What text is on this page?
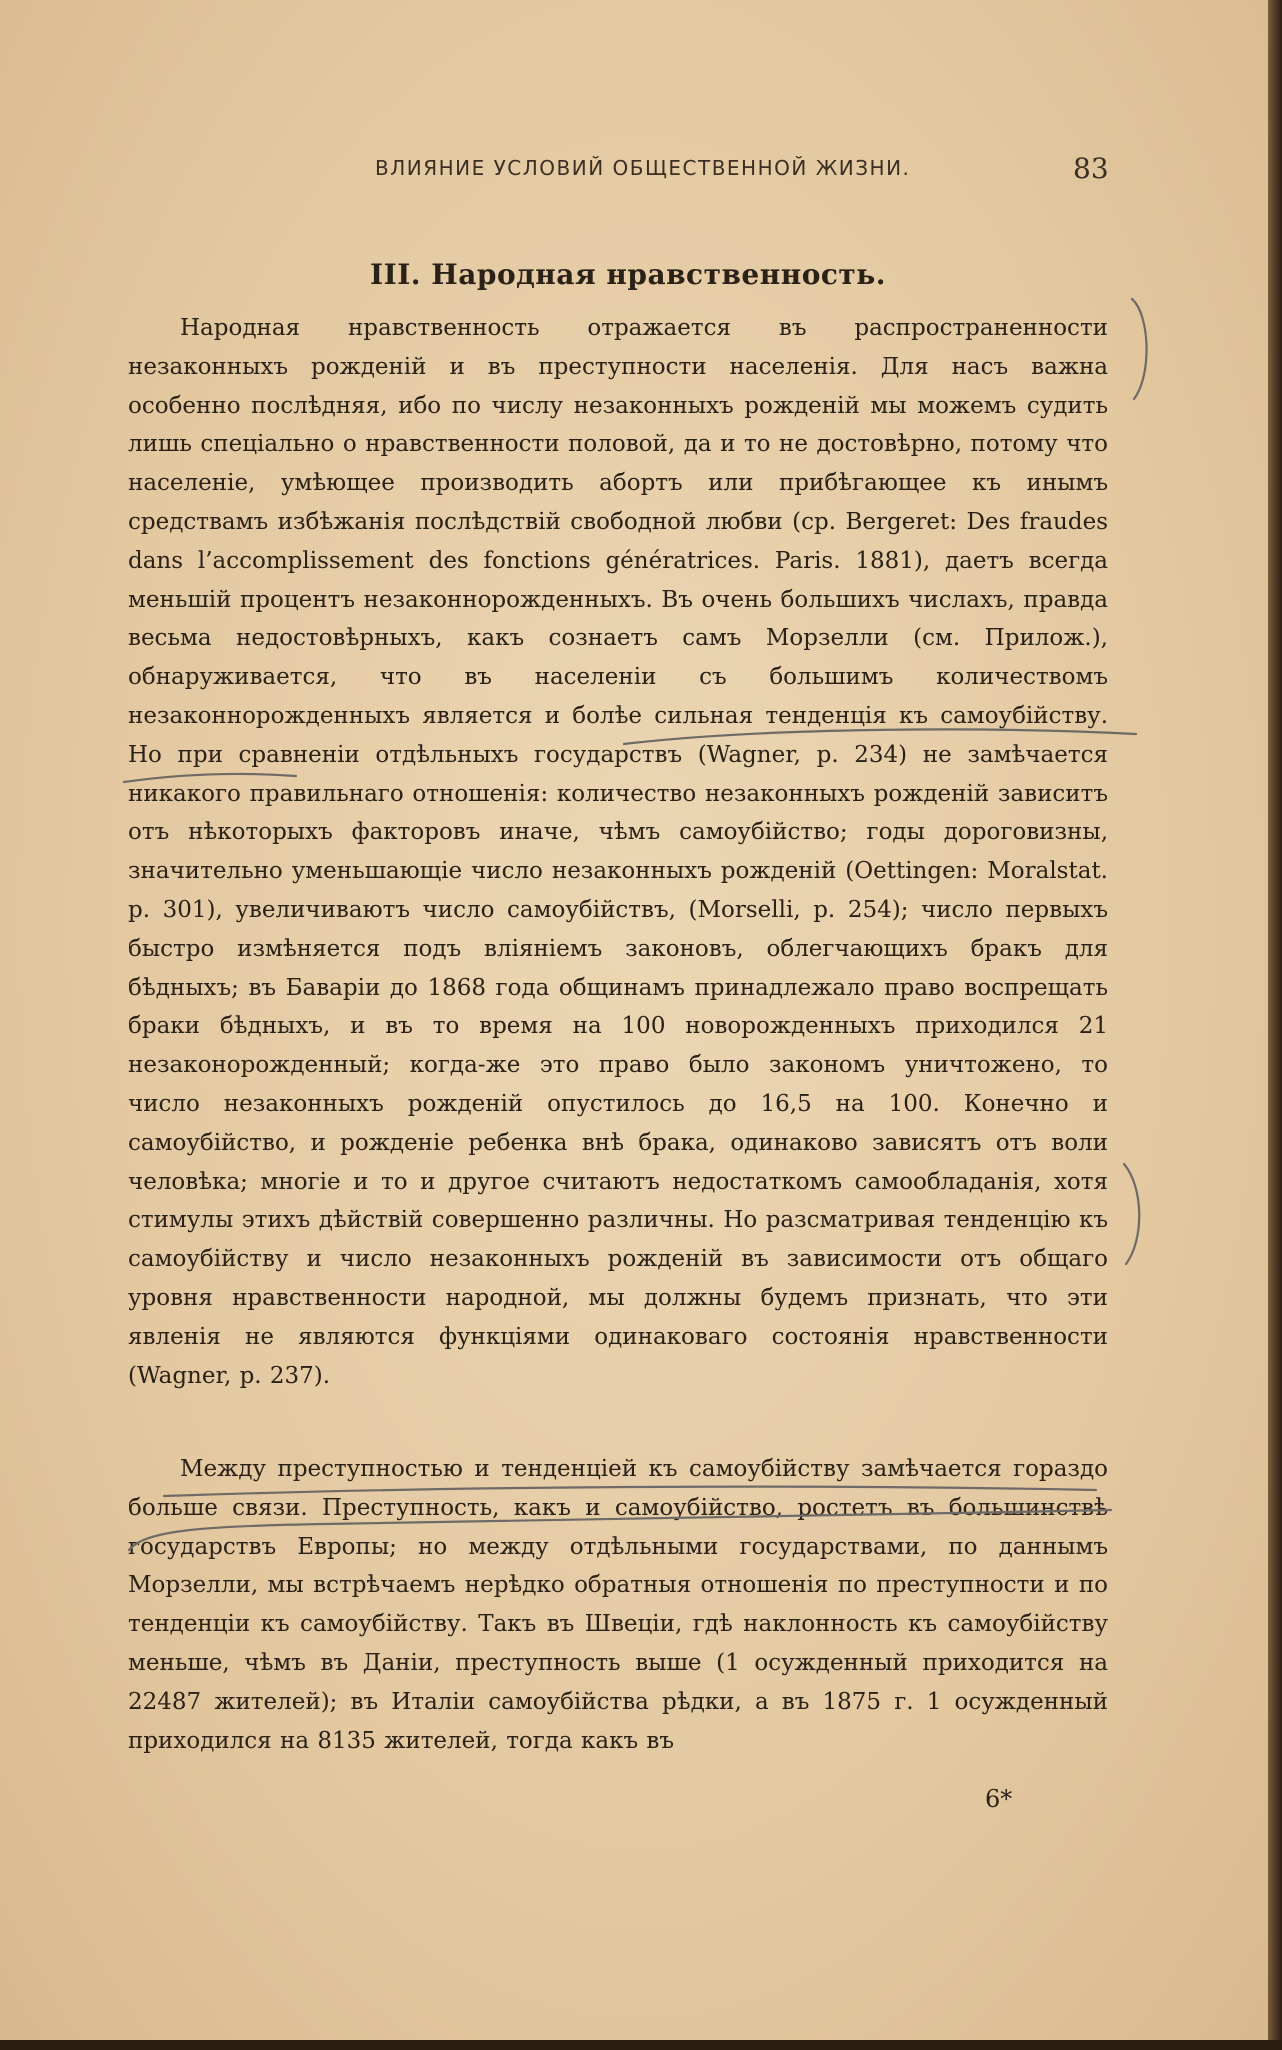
ВЛИЯНИЕ УСЛОВИЙ ОБЩЕСТВЕННОЙ ЖИЗНИ.	83
III. Народная нравственность.

Народная нравственность отражается въ распространенности незаконныхъ рожденій и въ преступности населенія. Для насъ важна особенно послѣдняя, ибо по числу незаконныхъ рожденій мы можемъ судить лишь спеціально о нравственности половой, да и то не достовѣрно, потому что населеніе, умѣющее производить абортъ или прибѣгающее къ инымъ средствамъ избѣжанія послѣдствій свободной любви (ср. Bergeret: Des fraudes dans l’accomplissement des fonctions génératrices. Paris. 1881), даетъ всегда меньшій процентъ незаконнорожденныхъ. Въ очень большихъ числахъ, правда весьма недостовѣрныхъ, какъ сознаетъ самъ Морзелли (см. Прилож.), обнаруживается, что въ населеніи съ большимъ количествомъ незаконнорожденныхъ является и болѣе сильная тенденція къ самоубійству. Но при сравненіи отдѣльныхъ государствъ (Wagner, p. 234) не замѣчается никакого правильнаго отношенія: количество незаконныхъ рожденій зависитъ отъ нѣкоторыхъ факторовъ иначе, чѣмъ самоубійство; годы дороговизны, значительно уменьшающіе число незаконныхъ рожденій (Oettingen: Moralstat. p. 301), увеличиваютъ число самоубійствъ, (Morselli, p. 254); число первыхъ быстро измѣняется подъ вліяніемъ законовъ, облегчающихъ бракъ для бѣдныхъ; въ Баваріи до 1868 года общинамъ принадлежало право воспрещать браки бѣдныхъ, и въ то время на 100 новорожденныхъ приходился 21 незаконорожденный; когда-же это право было закономъ уничтожено, то число незаконныхъ рожденій опустилось до 16,5 на 100. Конечно и самоубійство, и рожденіе ребенка внѣ брака, одинаково зависятъ отъ воли человѣка; многіе и то и другое считаютъ недостаткомъ самообладанія, хотя стимулы этихъ дѣйствій совершенно различны. Но разсматривая тенденцію къ самоубійству и число незаконныхъ рожденій въ зависимости отъ общаго уровня нравственности народной, мы должны будемъ признать, что эти явленія не являются функціями одинаковаго состоянія нравственности (Wagner, p. 237).

Между преступностью и тенденціей къ самоубійству замѣчается гораздо больше связи. Преступность, какъ и самоубійство, ростетъ въ большинствѣ государствъ Европы; но между отдѣльными государствами, по даннымъ Морзелли, мы встрѣчаемъ нерѣдко обратныя отношенія по преступности и по тенденціи къ самоубійству. Такъ въ Швеціи, гдѣ наклонность къ самоубійству меньше, чѣмъ въ Даніи, преступность выше (1 осужденный приходится на 22487 жителей); въ Италіи самоубійства рѣдки, а въ 1875 г. 1 осужденный приходился на 8135 жителей, тогда какъ въ

6*
